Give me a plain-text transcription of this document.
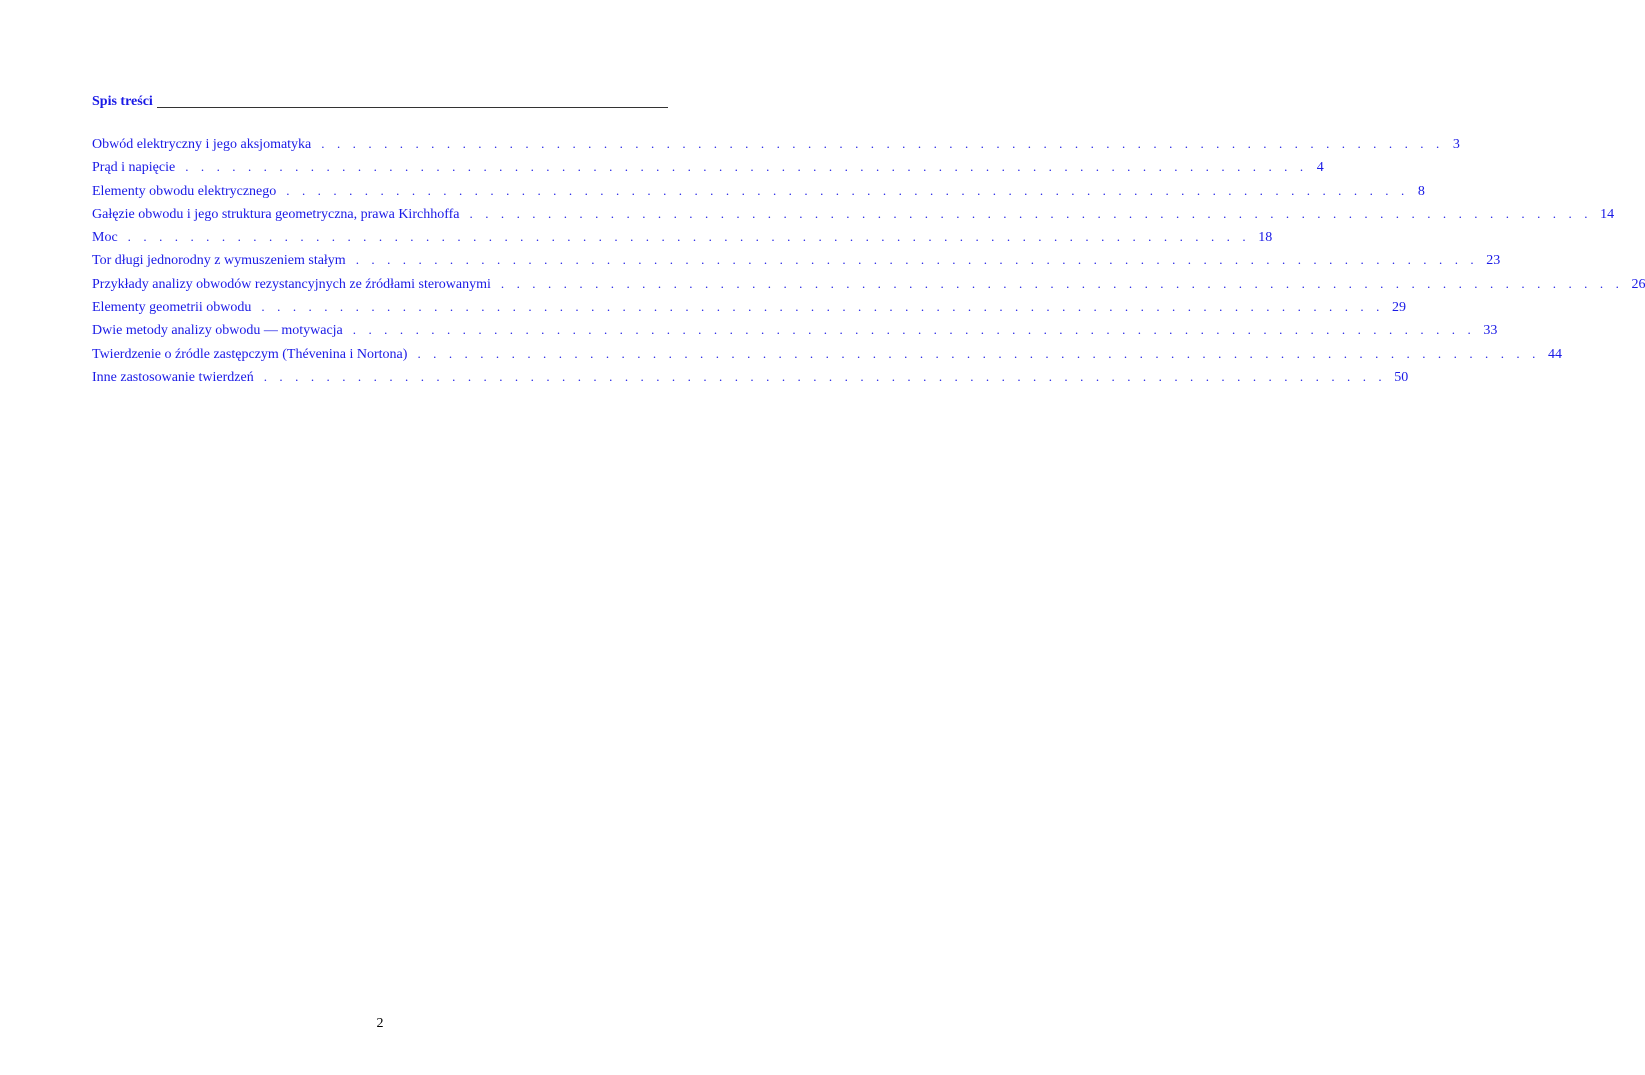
Spis treści
Obwód elektryczny i jego aksjomatyka . . . . . . . . . . . . . . . . . . . . . . . . . . . . . . . . . . . . . . . . . . . . . . . . . . . . . . . . . . . . . . . . . . . . . . . . 3
Prąd i napięcie . . . . . . . . . . . . . . . . . . . . . . . . . . . . . . . . . . . . . . . . . . . . . . . . . . . . . . . . . . . . . . . . . . . . . . . . 4
Elementy obwodu elektrycznego . . . . . . . . . . . . . . . . . . . . . . . . . . . . . . . . . . . . . . . . . . . . . . . . . . . . . . . . . . . . . . . . . . . . . . . . 8
Gałęzie obwodu i jego struktura geometryczna, prawa Kirchhoffa . . . . . . . . . . . . . . . . . . . . . . . . . . . . . . . . . . . . . . . . . . . . . . . . . . . . . . . . . . . . . . . . . . . . . . . . 14
Moc . . . . . . . . . . . . . . . . . . . . . . . . . . . . . . . . . . . . . . . . . . . . . . . . . . . . . . . . . . . . . . . . . . . . . . . . 18
Tor długi jednorodny z wymuszeniem stałym . . . . . . . . . . . . . . . . . . . . . . . . . . . . . . . . . . . . . . . . . . . . . . . . . . . . . . . . . . . . . . . . . . . . . . . . 23
Przykłady analizy obwodów rezystancyjnych ze źródłami sterowanymi . . . . . . . . . . . . . . . . . . . . . . . . . . . . . . . . . . . . . . . . . . . . . . . . . . . . . . . . . . . . . . . . . . . . . . . . 26
Elementy geometrii obwodu . . . . . . . . . . . . . . . . . . . . . . . . . . . . . . . . . . . . . . . . . . . . . . . . . . . . . . . . . . . . . . . . . . . . . . . . 29
Dwie metody analizy obwodu — motywacja . . . . . . . . . . . . . . . . . . . . . . . . . . . . . . . . . . . . . . . . . . . . . . . . . . . . . . . . . . . . . . . . . . . . . . . . 33
Twierdzenie o źródle zastępczym (Thévenina i Nortona) . . . . . . . . . . . . . . . . . . . . . . . . . . . . . . . . . . . . . . . . . . . . . . . . . . . . . . . . . . . . . . . . . . . . . . . . 44
Inne zastosowanie twierdzeń . . . . . . . . . . . . . . . . . . . . . . . . . . . . . . . . . . . . . . . . . . . . . . . . . . . . . . . . . . . . . . . . . . . . . . . . 50
2
